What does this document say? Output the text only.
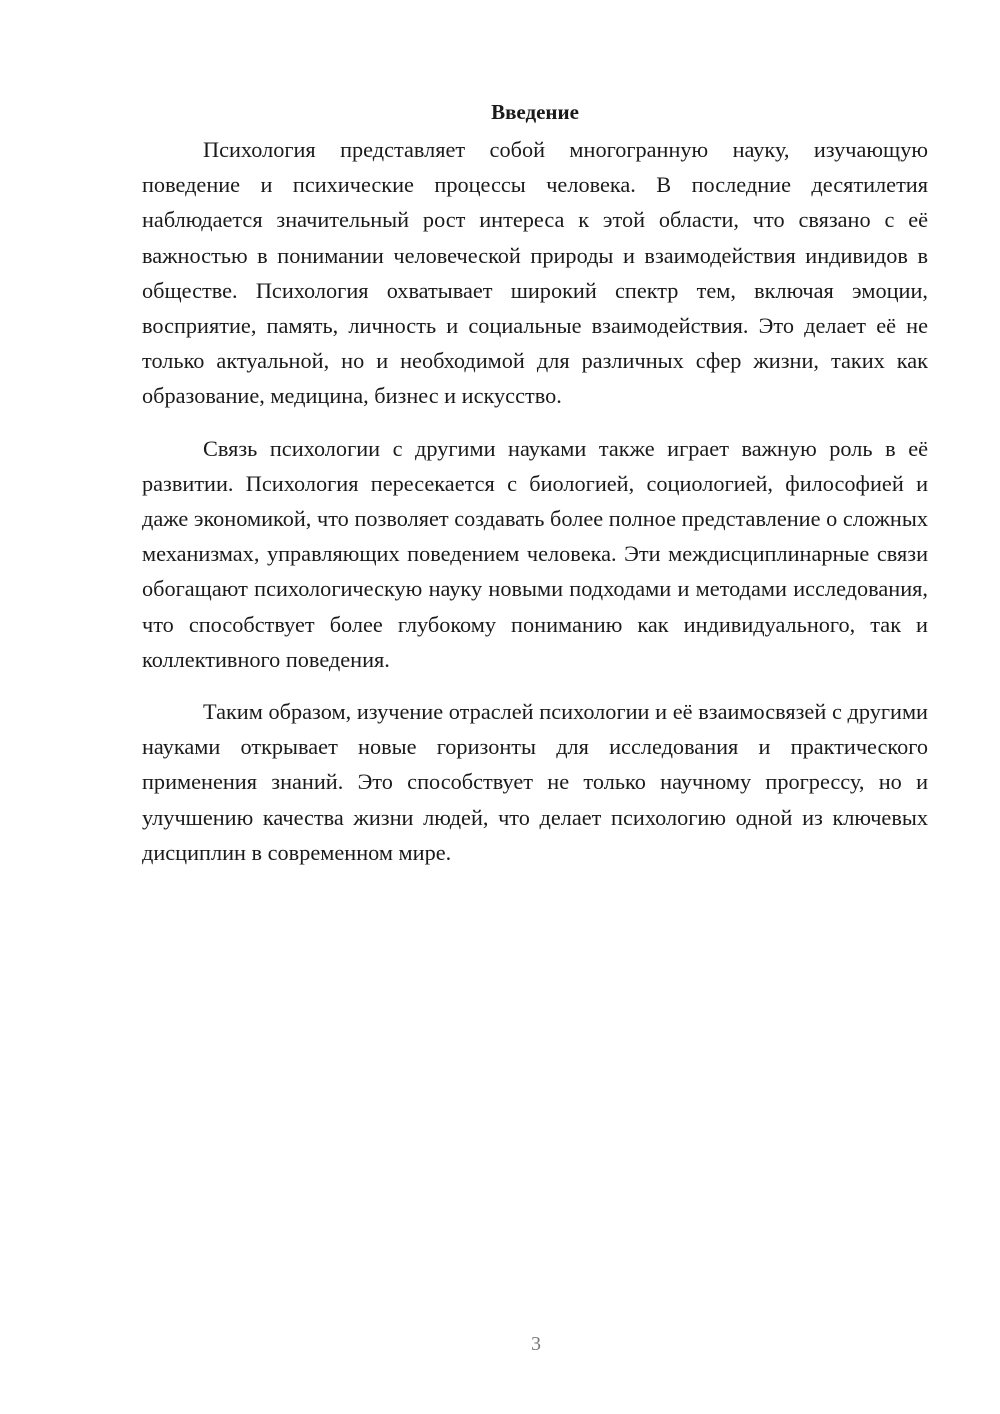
Введение

Психология представляет собой многогранную науку, изучающую поведение и психические процессы человека. В последние десятилетия наблюдается значительный рост интереса к этой области, что связано с её важностью в понимании человеческой природы и взаимодействия индивидов в обществе. Психология охватывает широкий спектр тем, включая эмоции, восприятие, память, личность и социальные взаимодействия. Это делает её не только актуальной, но и необходимой для различных сфер жизни, таких как образование, медицина, бизнес и искусство.

Связь психологии с другими науками также играет важную роль в её развитии. Психология пересекается с биологией, социологией, философией и даже экономикой, что позволяет создавать более полное представление о сложных механизмах, управляющих поведением человека. Эти междисциплинарные связи обогащают психологическую науку новыми подходами и методами исследования, что способствует более глубокому пониманию как индивидуального, так и коллективного поведения.

Таким образом, изучение отраслей психологии и её взаимосвязей с другими науками открывает новые горизонты для исследования и практического применения знаний. Это способствует не только научному прогрессу, но и улучшению качества жизни людей, что делает психологию одной из ключевых дисциплин в современном мире.

3
